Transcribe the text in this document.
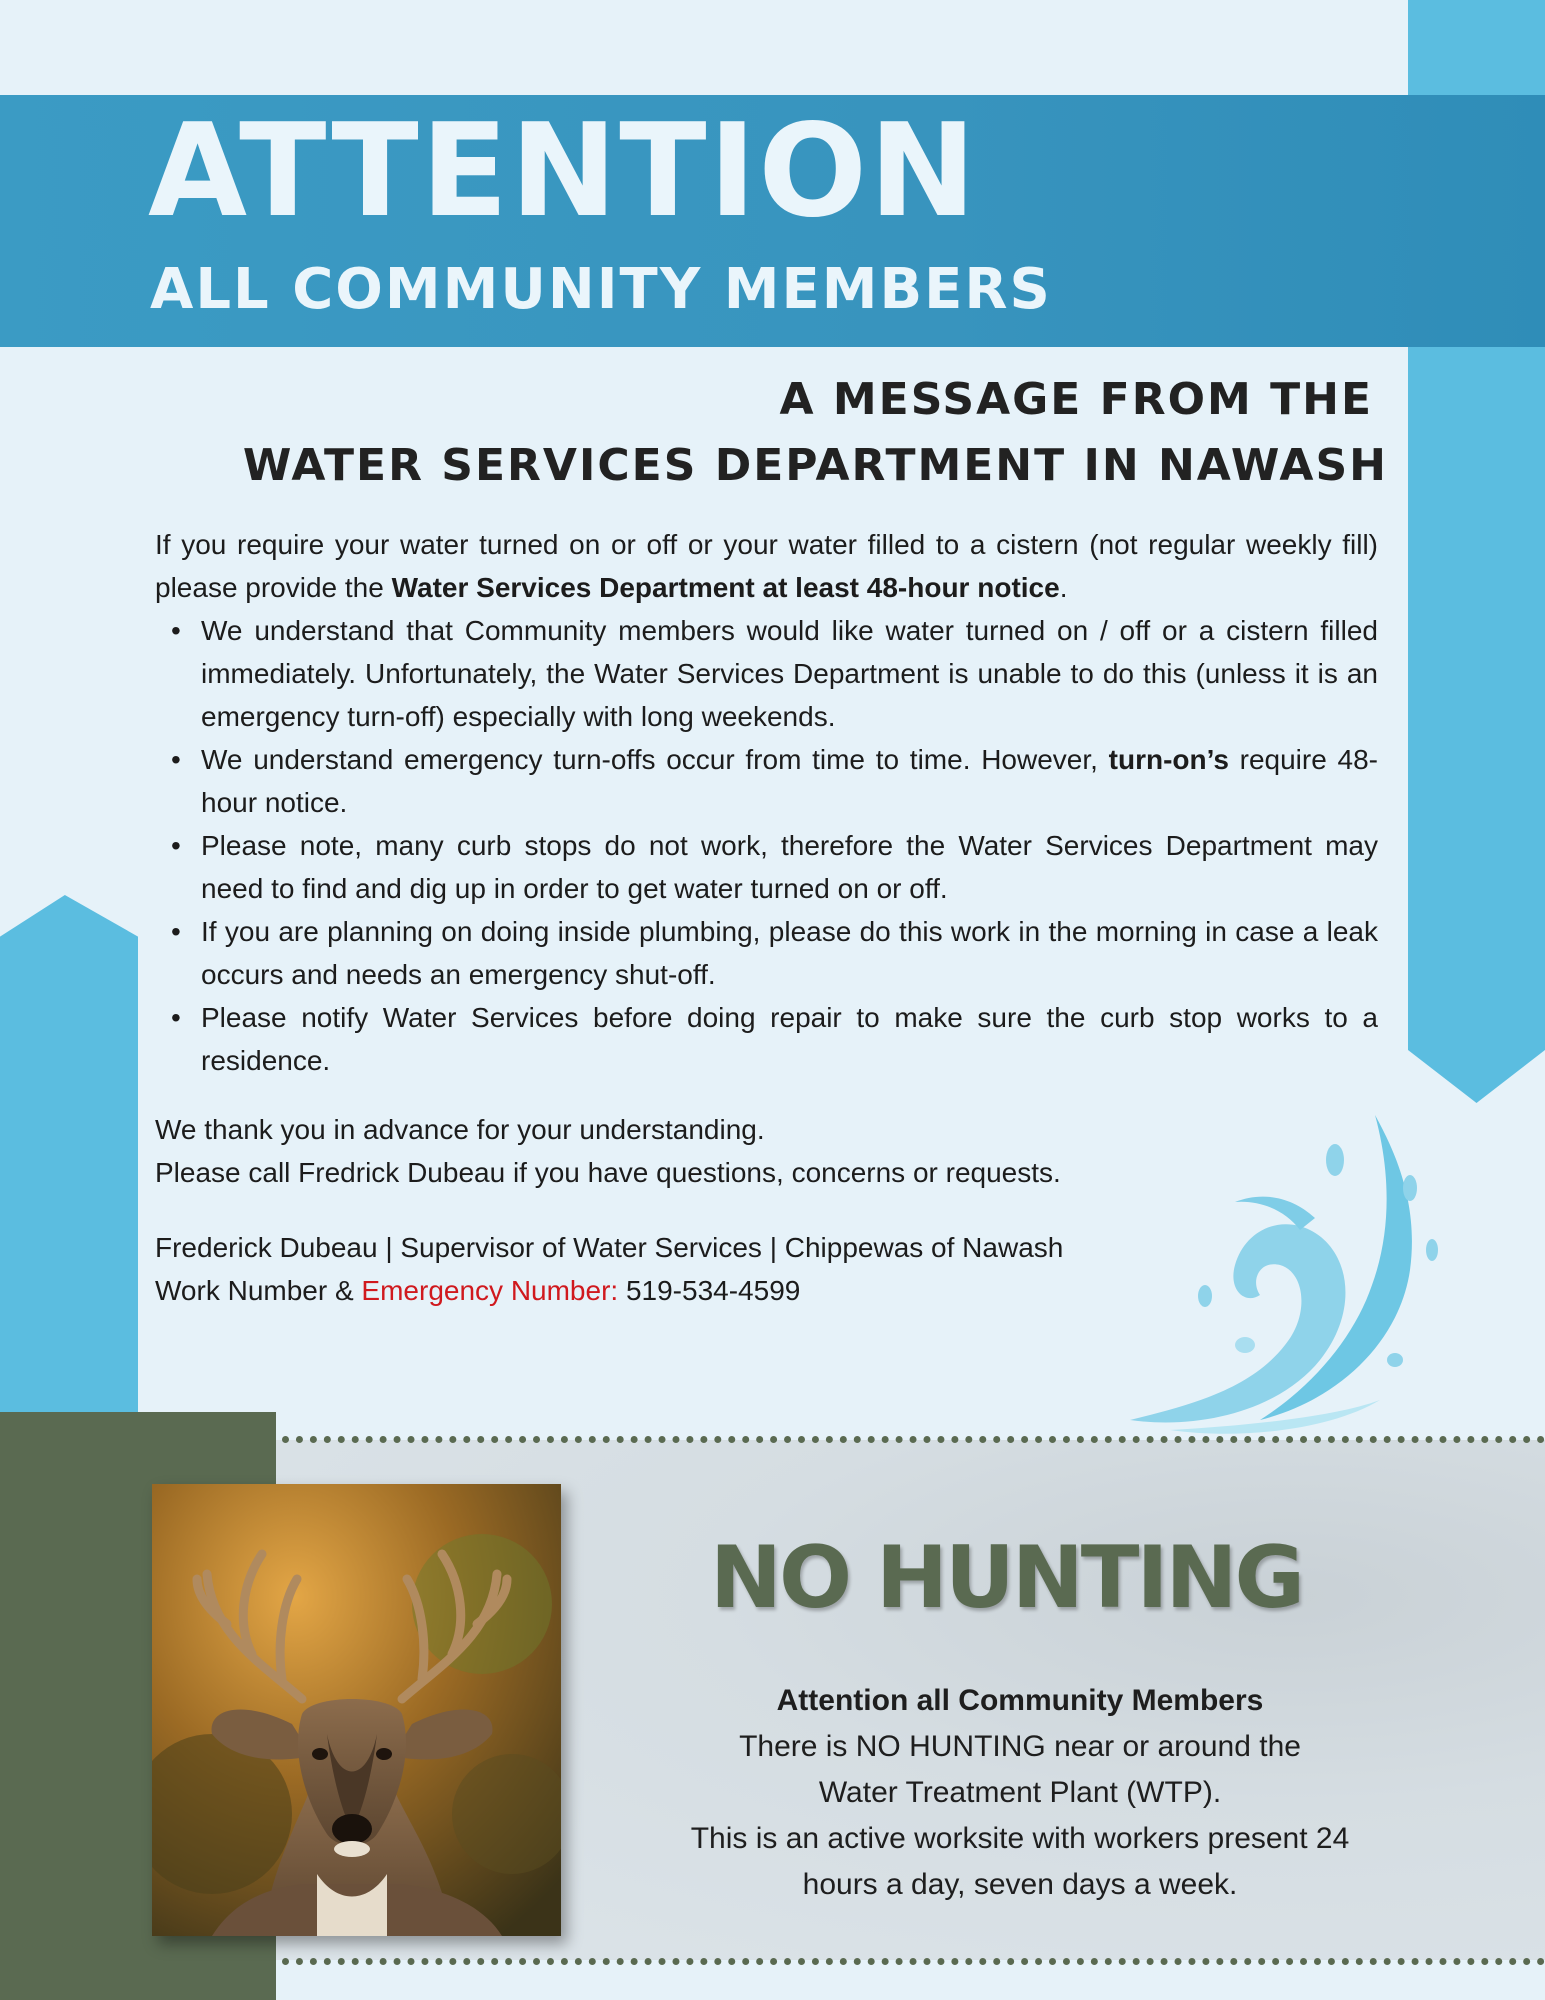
ATTENTION
ALL COMMUNITY MEMBERS
A MESSAGE FROM THE
WATER SERVICES DEPARTMENT IN NAWASH

If you require your water turned on or off or your water filled to a cistern (not regular weekly fill) please provide the Water Services Department at least 48-hour notice.

• We understand that Community members would like water turned on / off or a cistern filled immediately. Unfortunately, the Water Services Department is unable to do this (unless it is an emergency turn-off) especially with long weekends.
• We understand emergency turn-offs occur from time to time. However, turn-on’s require 48-hour notice.
• Please note, many curb stops do not work, therefore the Water Services Department may need to find and dig up in order to get water turned on or off.
• If you are planning on doing inside plumbing, please do this work in the morning in case a leak occurs and needs an emergency shut-off.
• Please notify Water Services before doing repair to make sure the curb stop works to a residence.
We thank you in advance for your understanding.
Please call Fredrick Dubeau if you have questions, concerns or requests.
Frederick Dubeau | Supervisor of Water Services | Chippewas of Nawash
Work Number & Emergency Number: 519-534-4599
NO HUNTING
Attention all Community Members
There is NO HUNTING near or around the
Water Treatment Plant (WTP).
This is an active worksite with workers present 24
hours a day, seven days a week.
